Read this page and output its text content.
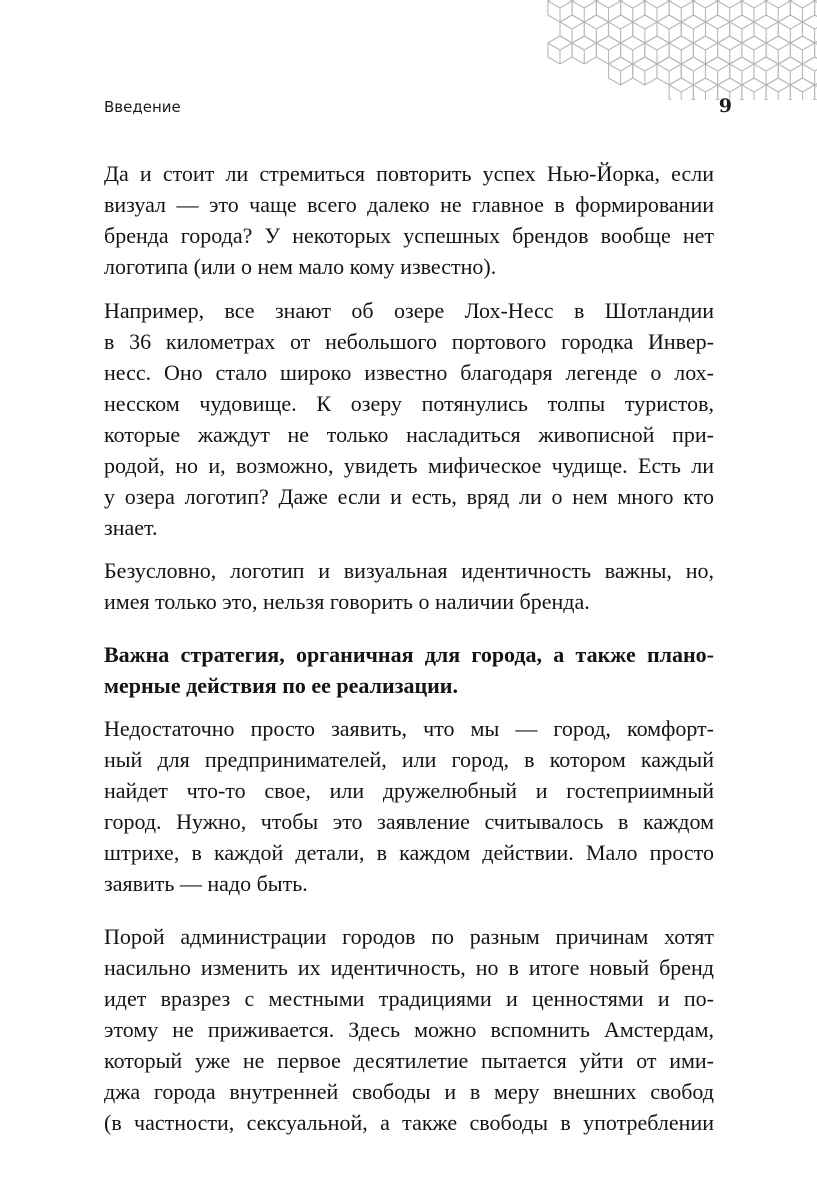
Введение	9

Да и стоит ли стремиться повторить успех Нью-Йорка, если
визуал — это чаще всего далеко не главное в формировании
бренда города? У некоторых успешных брендов вообще нет
логотипа (или о нем мало кому известно).

Например, все знают об озере Лох-Несс в Шотландии
в 36 километрах от небольшого портового городка Инвер-
несс. Оно стало широко известно благодаря легенде о лох-
несском чудовище. К озеру потянулись толпы туристов,
которые жаждут не только насладиться живописной при-
родой, но и, возможно, увидеть мифическое чудище. Есть ли
у озера логотип? Даже если и есть, вряд ли о нем много кто
знает.

Безусловно, логотип и визуальная идентичность важны, но,
имея только это, нельзя говорить о наличии бренда.

Важна стратегия, органичная для города, а также плано-
мерные действия по ее реализации.

Недостаточно просто заявить, что мы — город, комфорт-
ный для предпринимателей, или город, в котором каждый
найдет что-то свое, или дружелюбный и гостеприимный
город. Нужно, чтобы это заявление считывалось в каждом
штрихе, в каждой детали, в каждом действии. Мало просто
заявить — надо быть.

Порой администрации городов по разным причинам хотят
насильно изменить их идентичность, но в итоге новый бренд
идет вразрез с местными традициями и ценностями и по-
этому не приживается. Здесь можно вспомнить Амстердам,
который уже не первое десятилетие пытается уйти от ими-
джа города внутренней свободы и в меру внешних свобод
(в частности, сексуальной, а также свободы в употреблении
